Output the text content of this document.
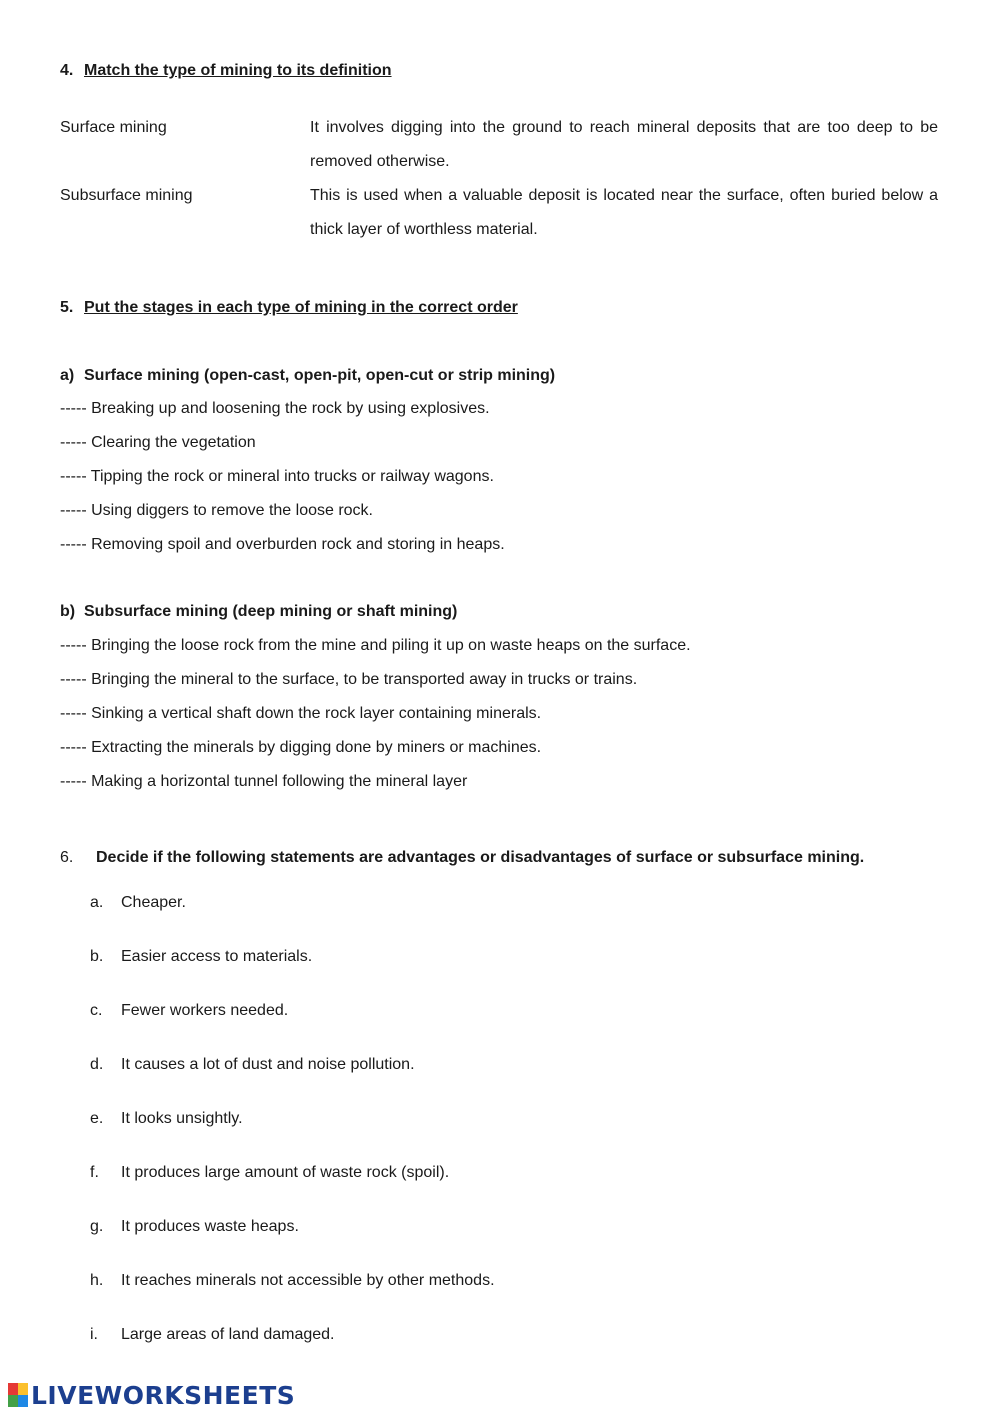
4. Match the type of mining to its definition
Surface mining	It involves digging into the ground to reach mineral deposits that are too deep to be removed otherwise.
Subsurface mining	This is used when a valuable deposit is located near the surface, often buried below a thick layer of worthless material.
5. Put the stages in each type of mining in the correct order
a) Surface mining (open-cast, open-pit, open-cut or strip mining)
----- Breaking up and loosening the rock by using explosives.
----- Clearing the vegetation
----- Tipping the rock or mineral into trucks or railway wagons.
----- Using diggers to remove the loose rock.
----- Removing spoil and overburden rock and storing in heaps.
b) Subsurface mining (deep mining or shaft mining)
----- Bringing the loose rock from the mine and piling it up on waste heaps on the surface.
----- Bringing the mineral to the surface, to be transported away in trucks or trains.
----- Sinking a vertical shaft down the rock layer containing minerals.
----- Extracting the minerals by digging done by miners or machines.
----- Making a horizontal tunnel following the mineral layer
6. Decide if the following statements are advantages or disadvantages of surface or subsurface mining.
a.	Cheaper.
b.	Easier access to materials.
c.	Fewer workers needed.
d.	It causes a lot of dust and noise pollution.
e.	It looks unsightly.
f.	It produces large amount of waste rock (spoil).
g.	It produces waste heaps.
h.	It reaches minerals not accessible by other methods.
i.	Large areas of land damaged.
LIVEWORKSHEETS
